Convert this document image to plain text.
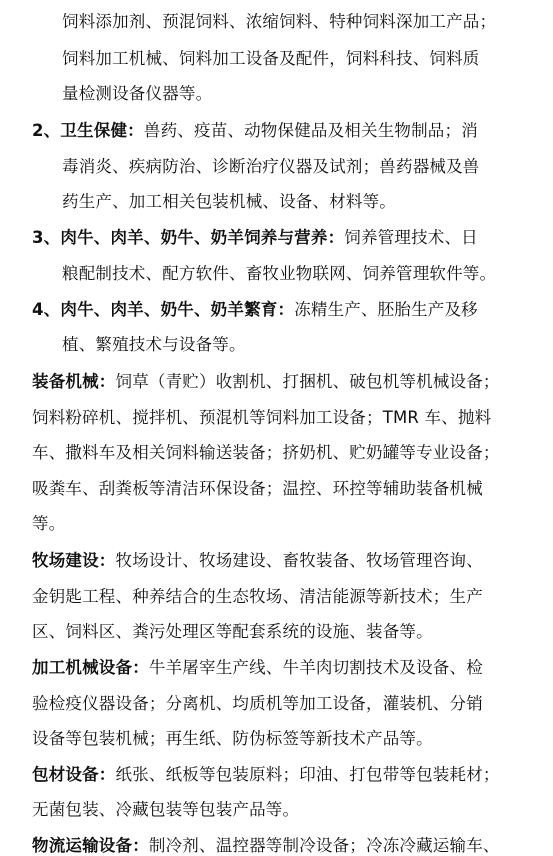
饲料添加剂、预混饲料、浓缩饲料、特种饲料深加工产品；
饲料加工机械、饲料加工设备及配件，饲料科技、饲料质
量检测设备仪器等。
2、卫生保健：兽药、疫苗、动物保健品及相关生物制品；消
毒消炎、疾病防治、诊断治疗仪器及试剂；兽药器械及兽
药生产、加工相关包装机械、设备、材料等。
3、肉牛、肉羊、奶牛、奶羊饲养与营养：饲养管理技术、日
粮配制技术、配方软件、畜牧业物联网、饲养管理软件等。
4、肉牛、肉羊、奶牛、奶羊繁育：冻精生产、胚胎生产及移
植、繁殖技术与设备等。
装备机械：饲草（青贮）收割机、打捆机、破包机等机械设备；
饲料粉碎机、搅拌机、预混机等饲料加工设备；TMR 车、抛料
车、撒料车及相关饲料输送装备；挤奶机、贮奶罐等专业设备；
吸粪车、刮粪板等清洁环保设备；温控、环控等辅助装备机械
等。
牧场建设：牧场设计、牧场建设、畜牧装备、牧场管理咨询、
金钥匙工程、种养结合的生态牧场、清洁能源等新技术；生产
区、饲料区、粪污处理区等配套系统的设施、装备等。
加工机械设备：牛羊屠宰生产线、牛羊肉切割技术及设备、检
验检疫仪器设备；分离机、均质机等加工设备，灌装机、分销
设备等包装机械；再生纸、防伪标签等新技术产品等。
包材设备：纸张、纸板等包装原料；印油、打包带等包装耗材；
无菌包装、冷藏包装等包装产品等。
物流运输设备：制冷剂、温控器等制冷设备；冷冻冷藏运输车、
